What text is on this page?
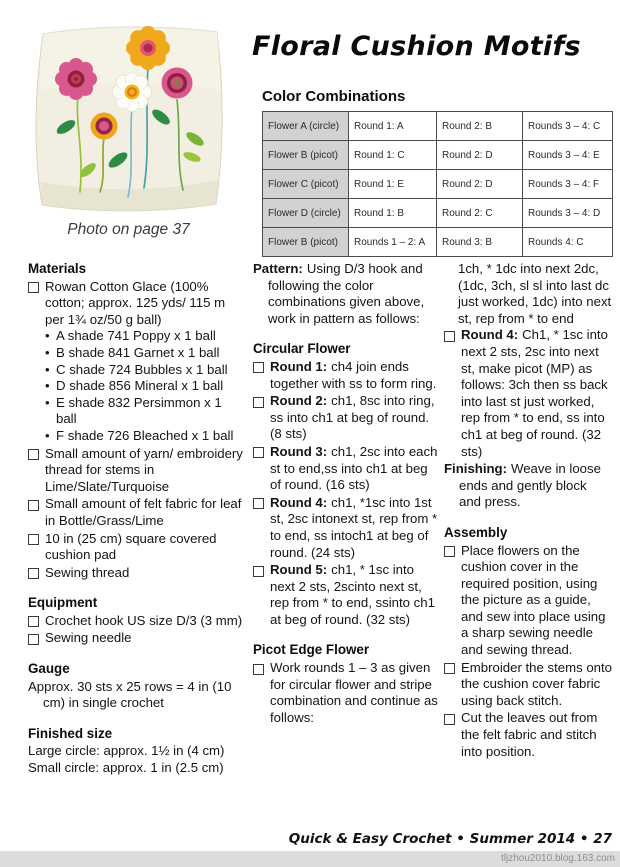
Photo on page 37
Floral Cushion Motifs
Color Combinations
Flower A (circle)	Round 1: A	Round 2: B	Rounds 3 – 4: C
Flower B (picot)	Round 1: C	Round 2: D	Rounds 3 – 4: E
Flower C (picot)	Round 1: E	Round 2: D	Rounds 3 – 4: F
Flower D (circle)	Round 1: B	Round 2: C	Rounds 3 – 4: D
Flower B (picot)	Rounds 1 – 2: A	Round 3: B	Rounds 4: C
Materials
Rowan Cotton Glace (100% cotton; approx. 125 yds/ 115 m per 1¾ oz/50 g ball)
• A shade 741 Poppy x 1 ball
• B shade 841 Garnet x 1 ball
• C shade 724 Bubbles x 1 ball
• D shade 856 Mineral x 1 ball
• E shade 832 Persimmon x 1 ball
• F shade 726 Bleached x 1 ball
Small amount of yarn/ embroidery thread for stems in Lime/Slate/Turquoise
Small amount of felt fabric for leaf in Bottle/Grass/Lime
10 in (25 cm) square covered cushion pad
Sewing thread
Equipment
Crochet hook US size D/3 (3 mm)
Sewing needle
Gauge

Approx. 30 sts x 25 rows = 4 in (10 cm) in single crochet

Finished size
Large circle: approx. 1½ in (4 cm)
Small circle: approx. 1 in (2.5 cm)

Pattern: Using D/3 hook and following the color combinations given above, work in pattern as follows:

Circular Flower
Round 1: ch4 join ends together with ss to form ring.
Round 2: ch1, 8sc into ring, ss into ch1 at beg of round. (8 sts)
Round 3: ch1, 2sc into each st to end,ss into ch1 at beg of round. (16 sts)
Round 4: ch1, *1sc into 1st st, 2sc intonext st, rep from * to end, ss intoch1 at beg of round. (24 sts)
Round 5: ch1, * 1sc into next 2 sts, 2scinto next st, rep from * to end, ssinto ch1 at beg of round. (32 sts)
Picot Edge Flower
Work rounds 1 – 3 as given for circular flower and stripe combination and continue as follows:

1ch, * 1dc into next 2dc, (1dc, 3ch, sl sl into last dc just worked, 1dc) into next st, rep from * to end

Round 4: Ch1, * 1sc into next 2 sts, 2sc into next st, make picot (MP) as follows: 3ch then ss back into last st just worked, rep from * to end, ss into ch1 at beg of round. (32 sts)

Finishing: Weave in loose ends and gently block and press.

Assembly
Place flowers on the cushion cover in the required position, using the picture as a guide, and sew into place using a sharp sewing needle and sewing thread.
Embroider the stems onto the cushion cover fabric using back stitch.
Cut the leaves out from the felt fabric and stitch into position.
Quick & Easy Crochet • Summer 2014 • 27
tljzhou2010.blog.163.com
